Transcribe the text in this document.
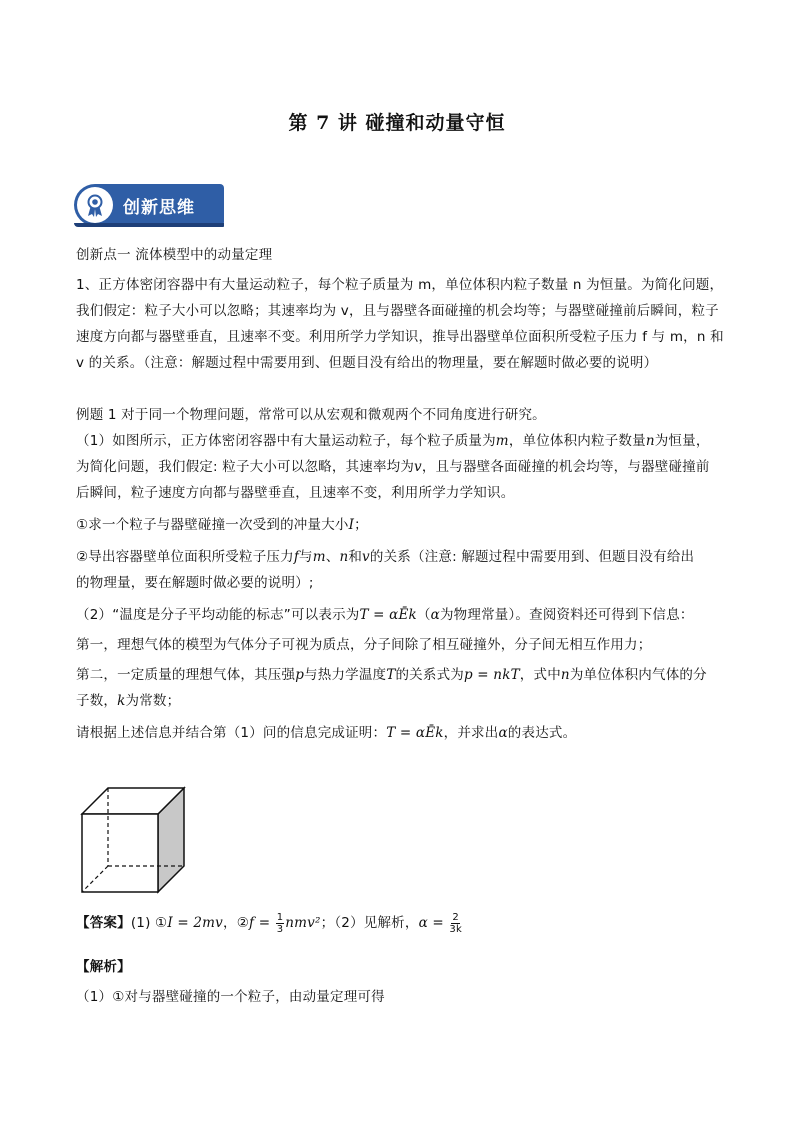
第 7 讲 碰撞和动量守恒
创新思维

创新点一 流体模型中的动量定理

1、正方体密闭容器中有大量运动粒子，每个粒子质量为 m，单位体积内粒子数量 n 为恒量。为简化问题，

我们假定：粒子大小可以忽略；其速率均为 v，且与器壁各面碰撞的机会均等；与器壁碰撞前后瞬间，粒子

速度方向都与器壁垂直，且速率不变。利用所学力学知识，推导出器壁单位面积所受粒子压力 f 与 m，n 和

v 的关系。（注意：解题过程中需要用到、但题目没有给出的物理量，要在解题时做必要的说明）

例题 1 对于同一个物理问题，常常可以从宏观和微观两个不同角度进行研究。

（1）如图所示，正方体密闭容器中有大量运动粒子，每个粒子质量为m，单位体积内粒子数量n为恒量，

为简化问题，我们假定: 粒子大小可以忽略，其速率均为v，且与器壁各面碰撞的机会均等，与器壁碰撞前

后瞬间，粒子速度方向都与器壁垂直，且速率不变，利用所学力学知识。

①求一个粒子与器壁碰撞一次受到的冲量大小I；

②导出容器壁单位面积所受粒子压力f与m、n和v的关系（注意: 解题过程中需要用到、但题目没有给出

的物理量，要在解题时做必要的说明）;

（2）“温度是分子平均动能的标志”可以表示为T = αĒk（α为物理常量）。查阅资料还可得到下信息：

第一，理想气体的模型为气体分子可视为质点，分子间除了相互碰撞外，分子间无相互作用力；

第二，一定质量的理想气体，其压强p与热力学温度T的关系式为p = nkT，式中n为单位体积内气体的分

子数，k为常数；

请根据上述信息并结合第（1）问的信息完成证明：T = αĒk，并求出α的表达式。

【答案】(1) ①I = 2mv，②f = $\frac{1}{3} nmv^2$；（2）见解析，$\alpha = \frac{2}{3k}$

【解析】

（1）①对与器壁碰撞的一个粒子，由动量定理可得
